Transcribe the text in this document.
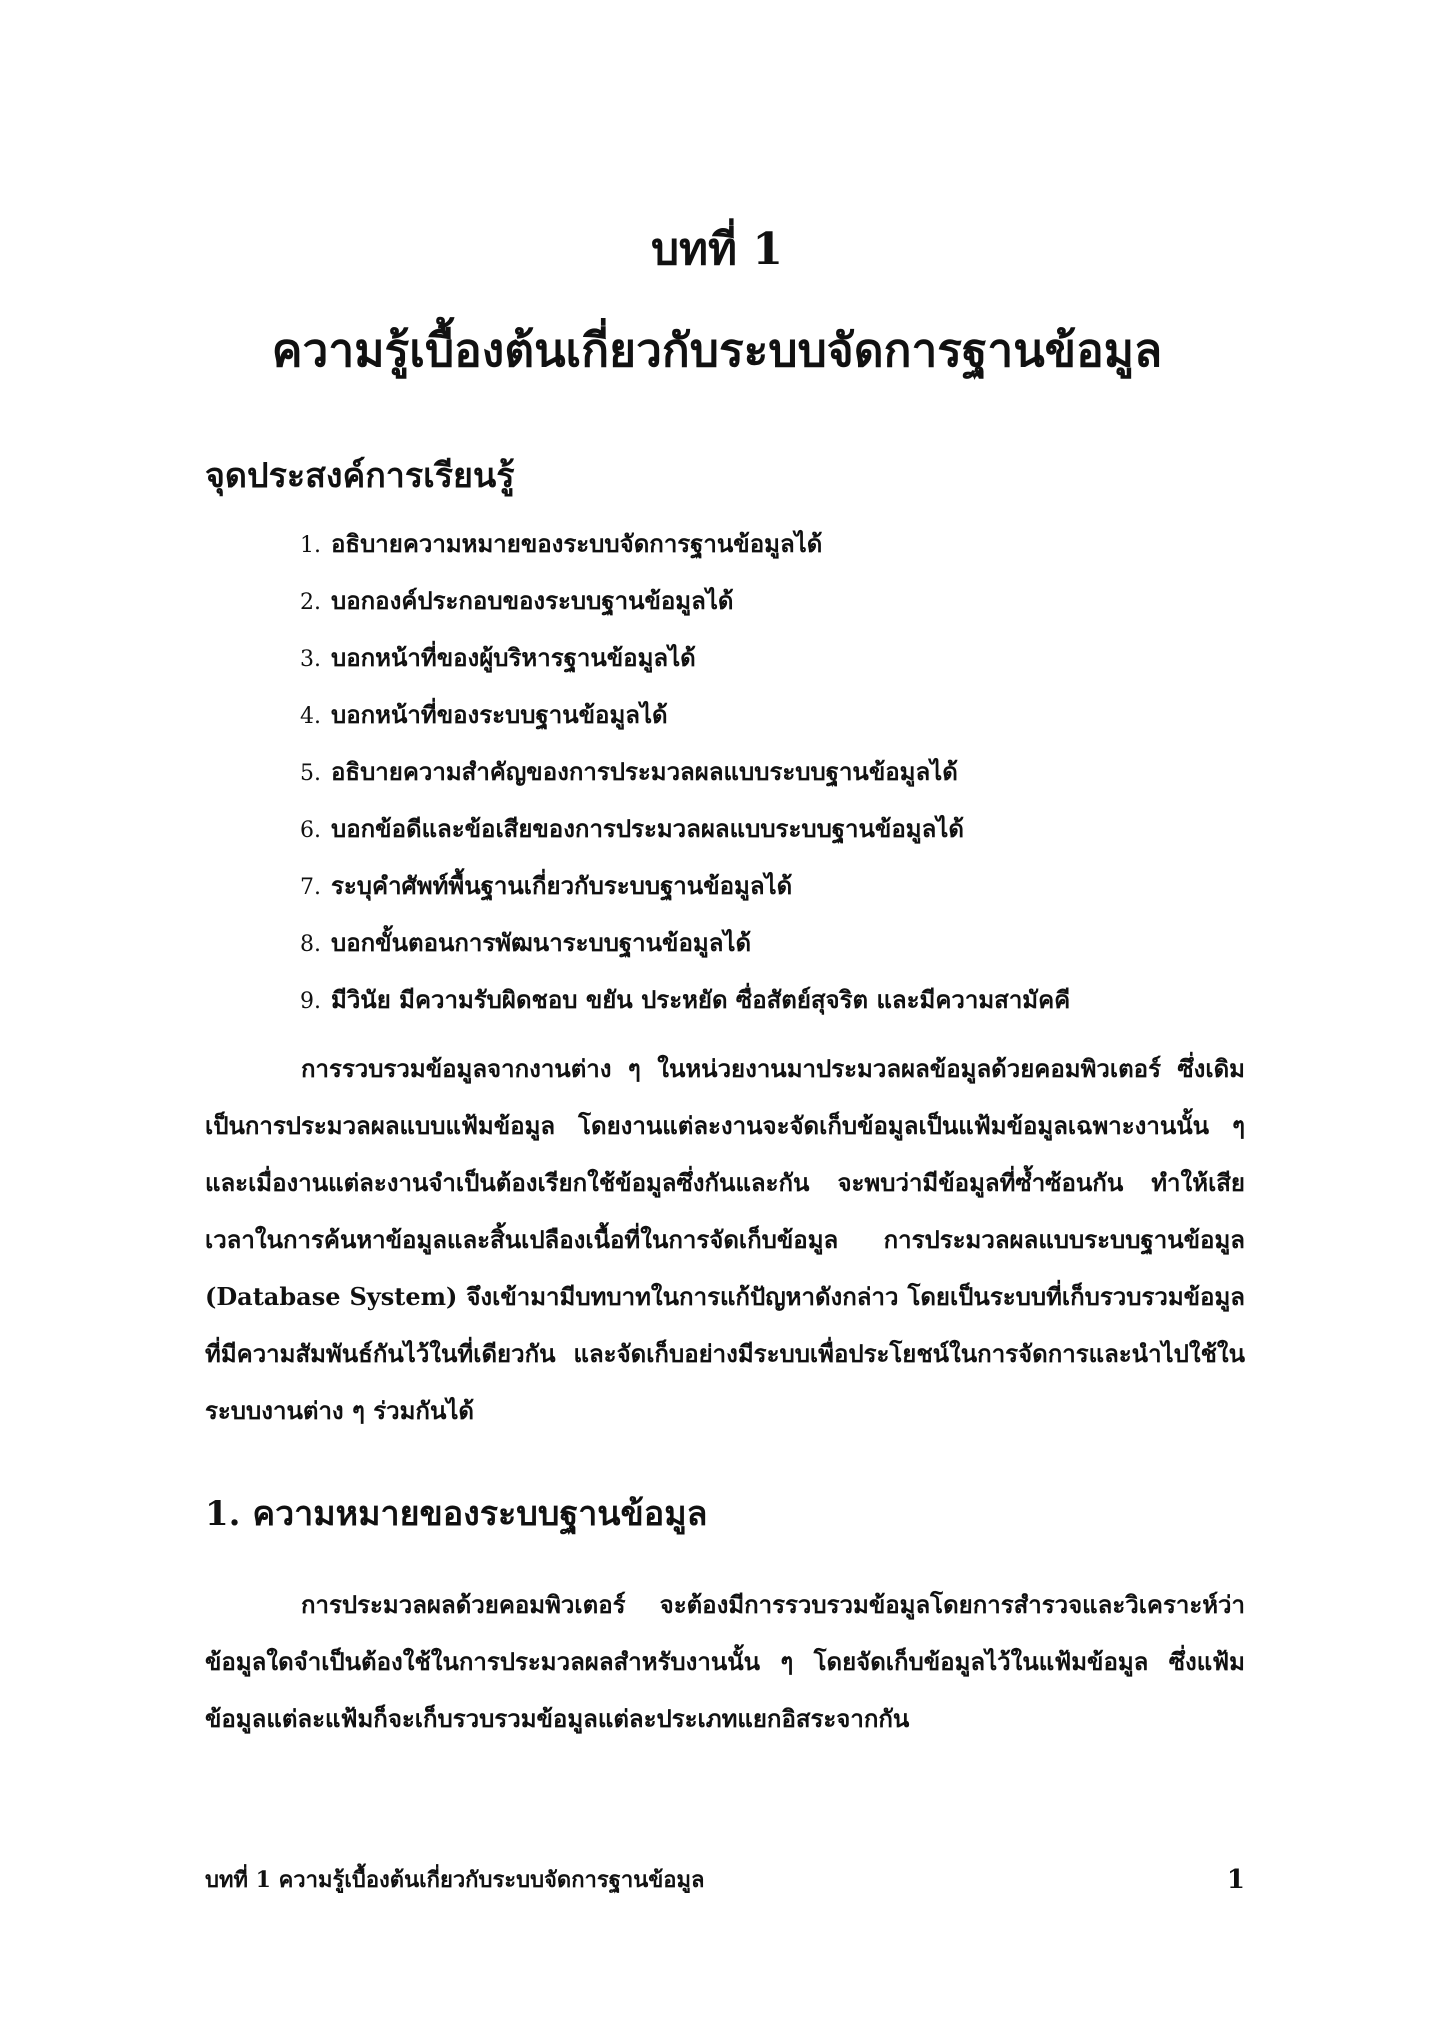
บทที่ 1
ความรู้เบื้องต้นเกี่ยวกับระบบจัดการฐานข้อมูล
จุดประสงค์การเรียนรู้
1. อธิบายความหมายของระบบจัดการฐานข้อมูลได้
2. บอกองค์ประกอบของระบบฐานข้อมูลได้
3. บอกหน้าที่ของผู้บริหารฐานข้อมูลได้
4. บอกหน้าที่ของระบบฐานข้อมูลได้
5. อธิบายความสำคัญของการประมวลผลแบบระบบฐานข้อมูลได้
6. บอกข้อดีและข้อเสียของการประมวลผลแบบระบบฐานข้อมูลได้
7. ระบุคำศัพท์พื้นฐานเกี่ยวกับระบบฐานข้อมูลได้
8. บอกขั้นตอนการพัฒนาระบบฐานข้อมูลได้
9. มีวินัย มีความรับผิดชอบ ขยัน ประหยัด ซื่อสัตย์สุจริต และมีความสามัคคี

การรวบรวมข้อมูลจากงานต่าง ๆ ในหน่วยงานมาประมวลผลข้อมูลด้วยคอมพิวเตอร์ ซึ่งเดิมเป็นการประมวลผลแบบแฟ้มข้อมูล โดยงานแต่ละงานจะจัดเก็บข้อมูลเป็นแฟ้มข้อมูลเฉพาะงานนั้น ๆ และเมื่องานแต่ละงานจำเป็นต้องเรียกใช้ข้อมูลซึ่งกันและกัน จะพบว่ามีข้อมูลที่ซ้ำซ้อนกัน ทำให้เสียเวลาในการค้นหาข้อมูลและสิ้นเปลืองเนื้อที่ในการจัดเก็บข้อมูล การประมวลผลแบบระบบฐานข้อมูล (Database System) จึงเข้ามามีบทบาทในการแก้ปัญหาดังกล่าว โดยเป็นระบบที่เก็บรวบรวมข้อมูลที่มีความสัมพันธ์กันไว้ในที่เดียวกัน และจัดเก็บอย่างมีระบบเพื่อประโยชน์ในการจัดการและนำไปใช้ในระบบงานต่าง ๆ ร่วมกันได้

1. ความหมายของระบบฐานข้อมูล

การประมวลผลด้วยคอมพิวเตอร์ จะต้องมีการรวบรวมข้อมูลโดยการสำรวจและวิเคราะห์ว่าข้อมูลใดจำเป็นต้องใช้ในการประมวลผลสำหรับงานนั้น ๆ โดยจัดเก็บข้อมูลไว้ในแฟ้มข้อมูล ซึ่งแฟ้มข้อมูลแต่ละแฟ้มก็จะเก็บรวบรวมข้อมูลแต่ละประเภทแยกอิสระจากกัน

บทที่ 1 ความรู้เบื้องต้นเกี่ยวกับระบบจัดการฐานข้อมูล	1
